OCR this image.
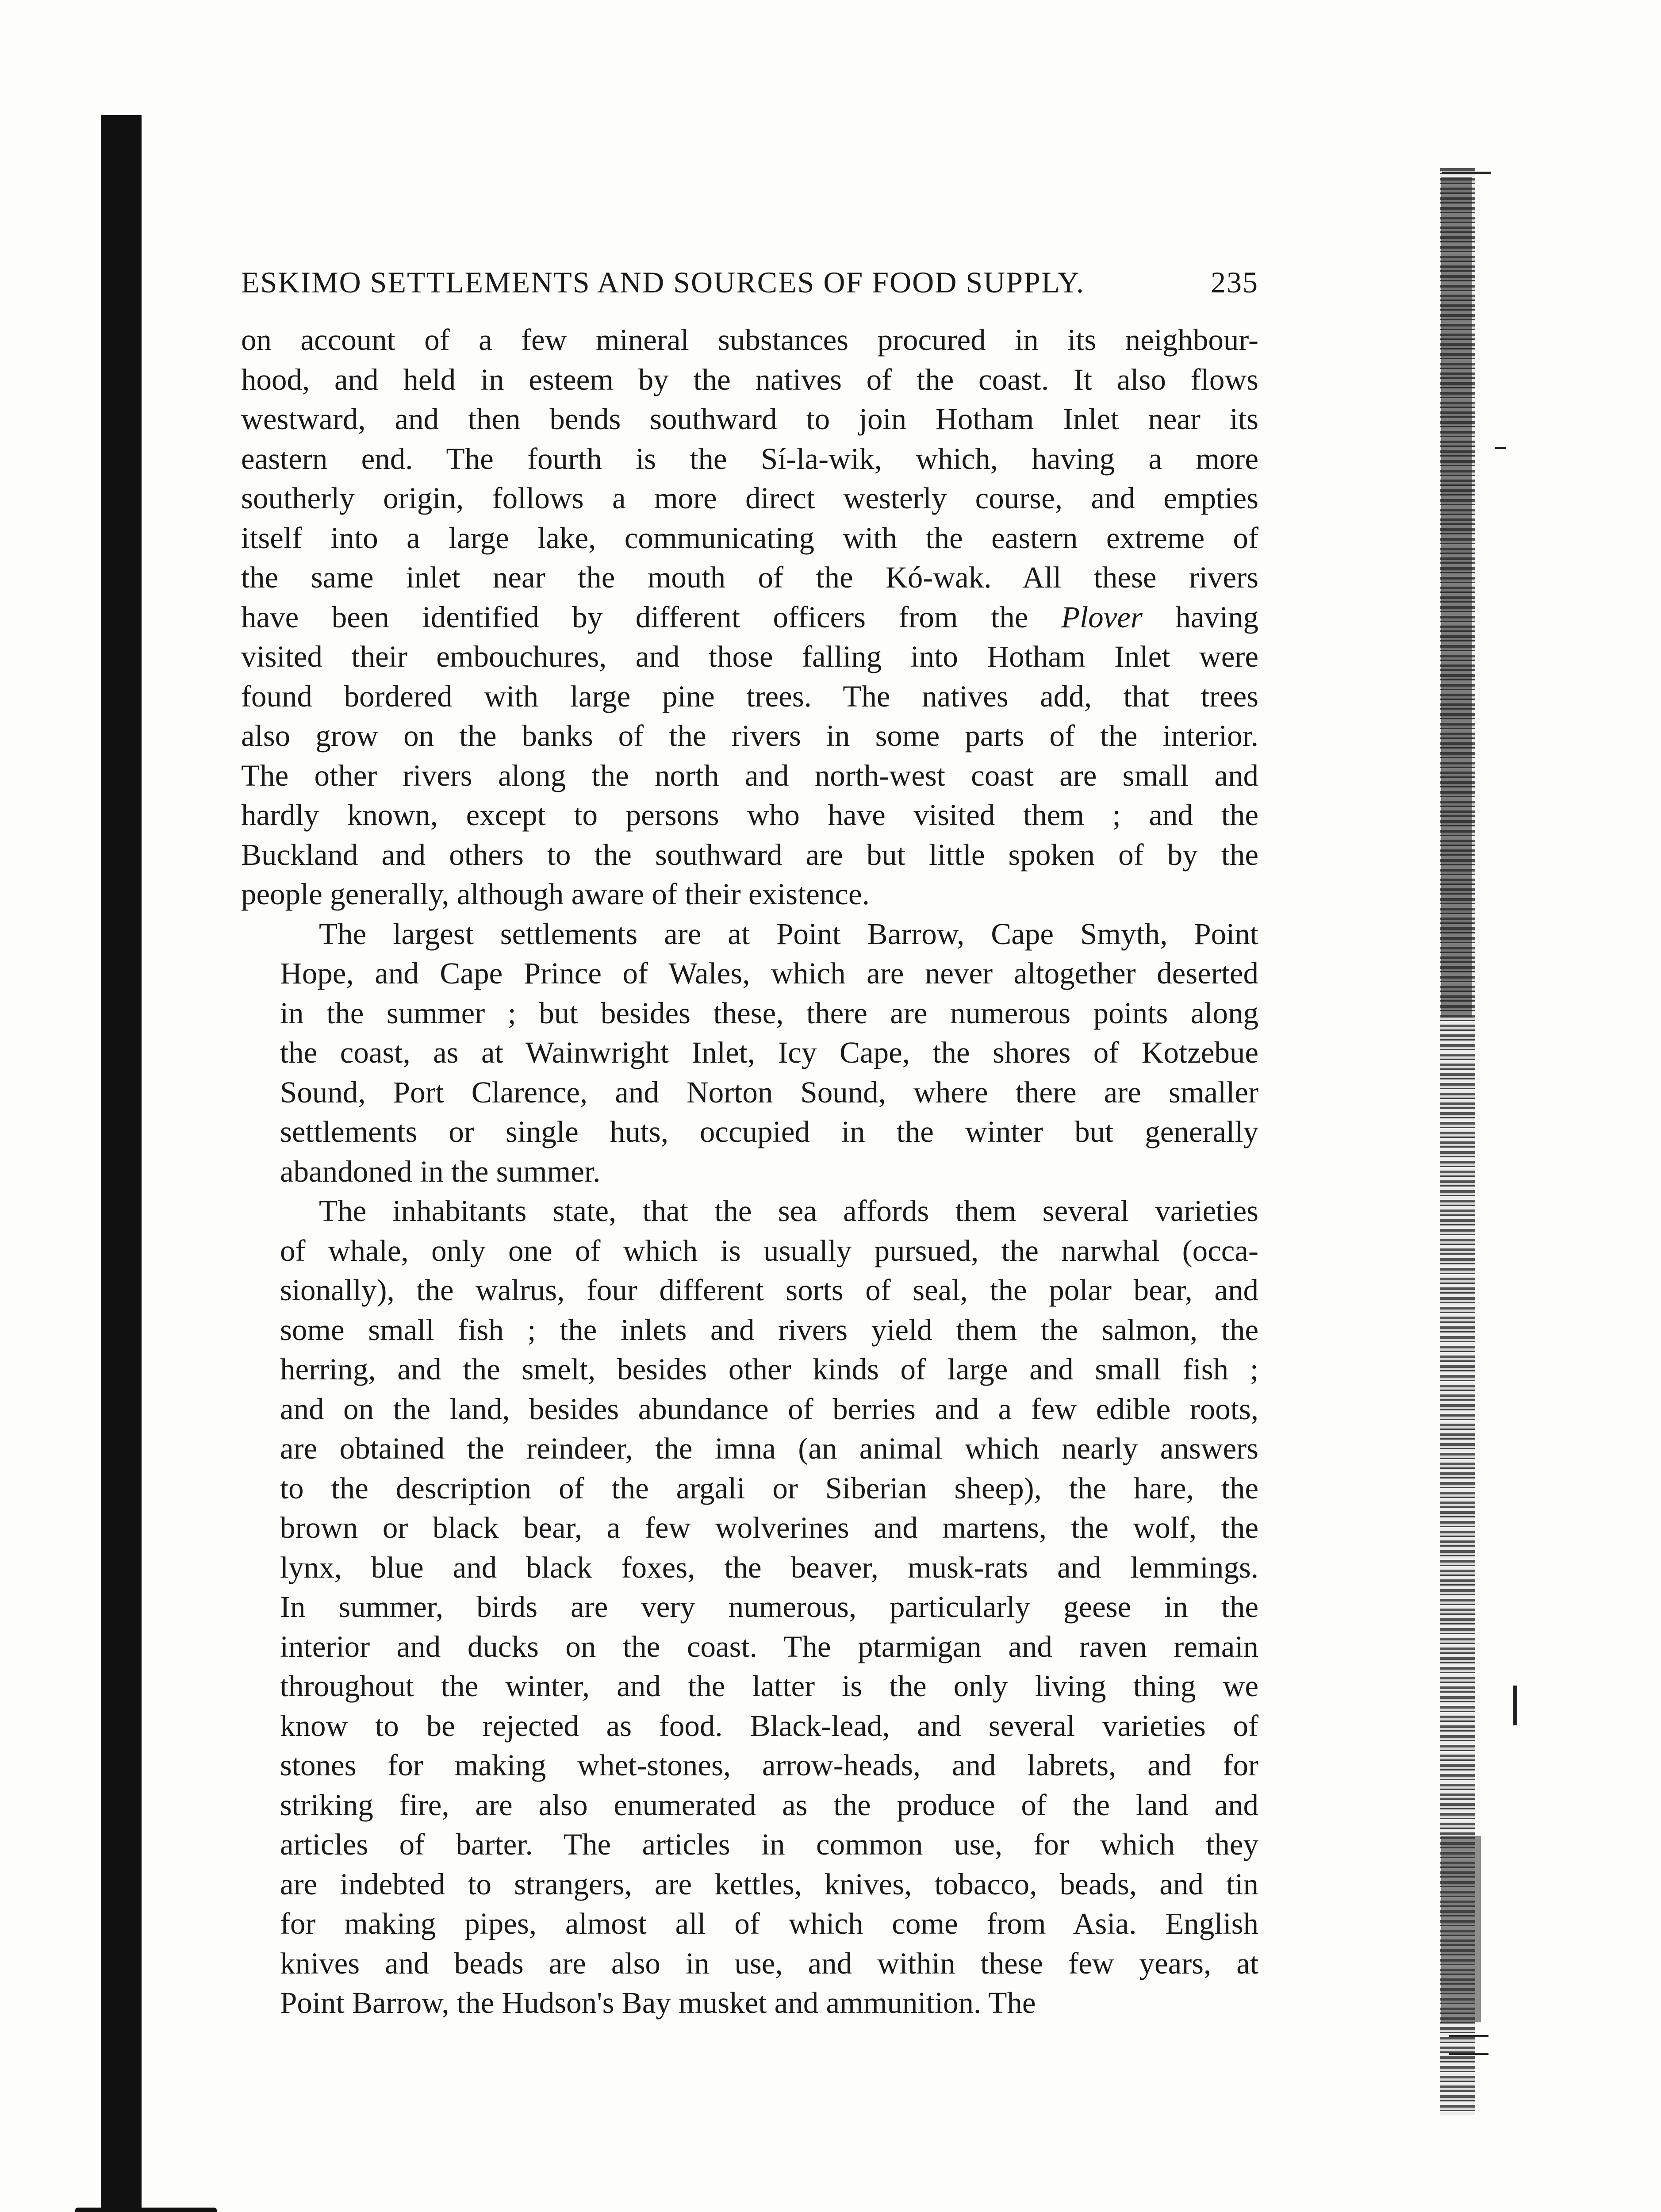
ESKIMO SETTLEMENTS AND SOURCES OF FOOD SUPPLY.	235
on account of a few mineral substances procured in its neighbour-
hood, and held in esteem by the natives of the coast. It also flows
westward, and then bends southward to join Hotham Inlet near its
eastern end. The fourth is the Sí-la-wik, which, having a more
southerly origin, follows a more direct westerly course, and empties
itself into a large lake, communicating with the eastern extreme of
the same inlet near the mouth of the Kó-wak. All these rivers
have been identified by different officers from the Plover having
visited their embouchures, and those falling into Hotham Inlet were
found bordered with large pine trees. The natives add, that trees
also grow on the banks of the rivers in some parts of the interior.
The other rivers along the north and north-west coast are small and
hardly known, except to persons who have visited them ; and the
Buckland and others to the southward are but little spoken of by the
people generally, although aware of their existence.
The largest settlements are at Point Barrow, Cape Smyth, Point
Hope, and Cape Prince of Wales, which are never altogether deserted
in the summer ; but besides these, there are numerous points along
the coast, as at Wainwright Inlet, Icy Cape, the shores of Kotzebue
Sound, Port Clarence, and Norton Sound, where there are smaller
settlements or single huts, occupied in the winter but generally
abandoned in the summer.
The inhabitants state, that the sea affords them several varieties
of whale, only one of which is usually pursued, the narwhal (occa-
sionally), the walrus, four different sorts of seal, the polar bear, and
some small fish ; the inlets and rivers yield them the salmon, the
herring, and the smelt, besides other kinds of large and small fish ;
and on the land, besides abundance of berries and a few edible roots,
are obtained the reindeer, the imna (an animal which nearly answers
to the description of the argali or Siberian sheep), the hare, the
brown or black bear, a few wolverines and martens, the wolf, the
lynx, blue and black foxes, the beaver, musk-rats and lemmings.
In summer, birds are very numerous, particularly geese in the
interior and ducks on the coast. The ptarmigan and raven remain
throughout the winter, and the latter is the only living thing we
know to be rejected as food. Black-lead, and several varieties of
stones for making whet-stones, arrow-heads, and labrets, and for
striking fire, are also enumerated as the produce of the land and
articles of barter. The articles in common use, for which they
are indebted to strangers, are kettles, knives, tobacco, beads, and tin
for making pipes, almost all of which come from Asia. English
knives and beads are also in use, and within these few years, at
Point Barrow, the Hudson's Bay musket and ammunition. The
